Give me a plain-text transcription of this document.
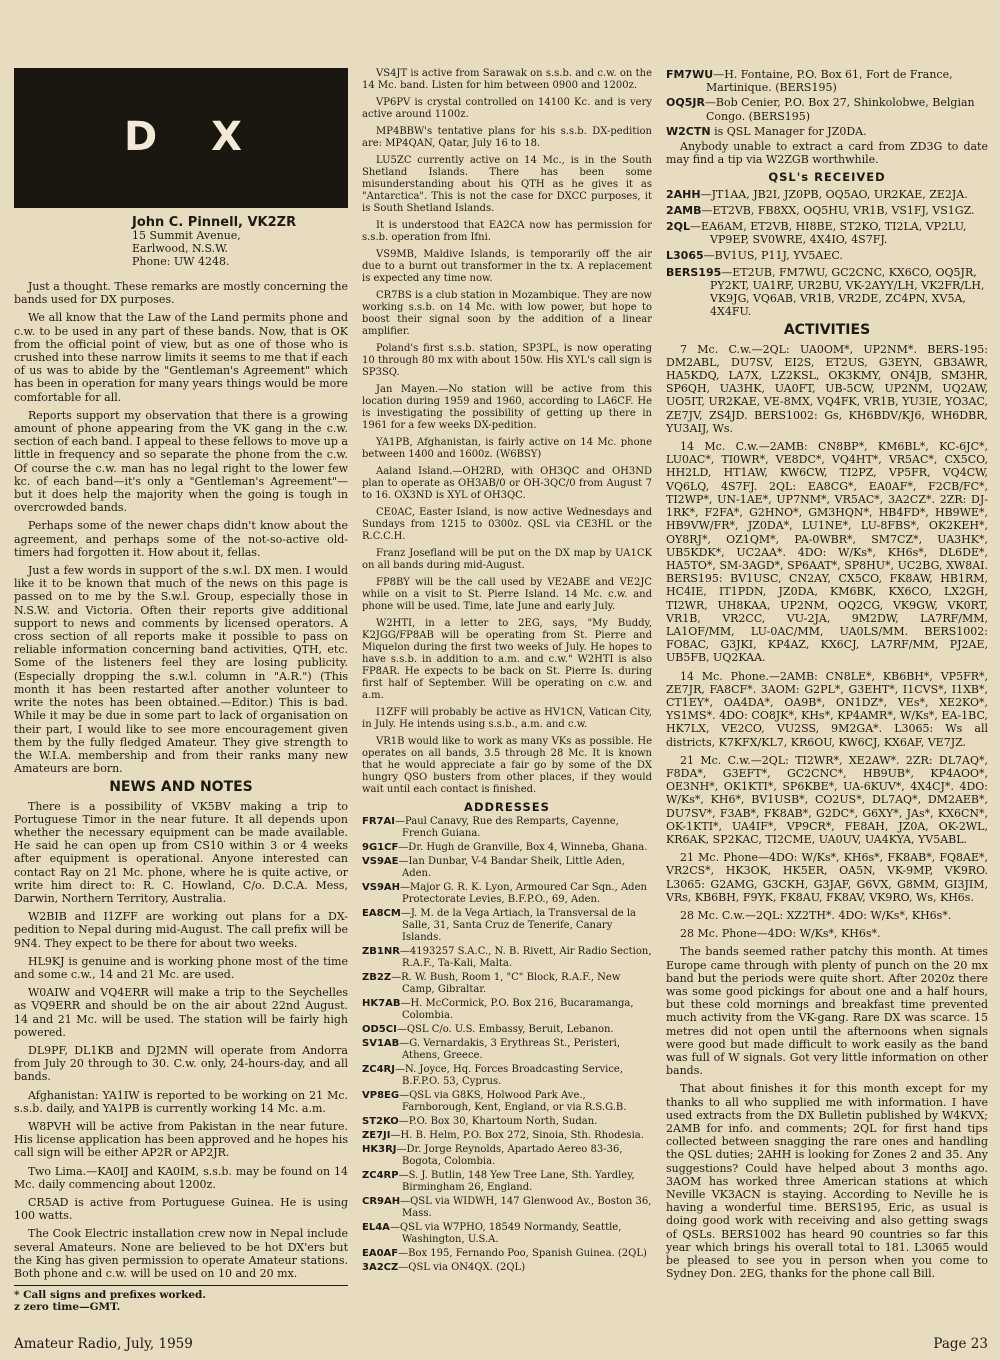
D X
John C. Pinnell, VK2ZR
15 Summit Avenue,
Earlwood, N.S.W.
Phone: UW 4248.

Just a thought. These remarks are mostly concerning the bands used for DX purposes.

We all know that the Law of the Land permits phone and c.w. to be used in any part of these bands. Now, that is OK from the official point of view, but as one of those who is crushed into these narrow limits it seems to me that if each of us was to abide by the "Gentleman's Agreement" which has been in operation for many years things would be more comfortable for all.

Reports support my observation that there is a growing amount of phone appearing from the VK gang in the c.w. section of each band. I appeal to these fellows to move up a little in frequency and so separate the phone from the c.w. Of course the c.w. man has no legal right to the lower few kc. of each band—it's only a "Gentleman's Agreement"—but it does help the majority when the going is tough in overcrowded bands.

Perhaps some of the newer chaps didn't know about the agreement, and perhaps some of the not-so-active old-timers had forgotten it. How about it, fellas.

Just a few words in support of the s.w.l. DX men. I would like it to be known that much of the news on this page is passed on to me by the S.w.l. Group, especially those in N.S.W. and Victoria. Often their reports give additional support to news and comments by licensed operators. A cross section of all reports make it possible to pass on reliable information concerning band activities, QTH, etc. Some of the listeners feel they are losing publicity. (Especially dropping the s.w.l. column in "A.R.") (This month it has been restarted after another volunteer to write the notes has been obtained.—Editor.) This is bad. While it may be due in some part to lack of organisation on their part, I would like to see more encouragement given them by the fully fledged Amateur. They give strength to the W.I.A. membership and from their ranks many new Amateurs are born.

NEWS AND NOTES

There is a possibility of VK5BV making a trip to Portuguese Timor in the near future. It all depends upon whether the necessary equipment can be made available. He said he can open up from CS10 within 3 or 4 weeks after equipment is operational. Anyone interested can contact Ray on 21 Mc. phone, where he is quite active, or write him direct to: R. C. Howland, C/o. D.C.A. Mess, Darwin, Northern Territory, Australia.

W2BIB and I1ZFF are working out plans for a DX-pedition to Nepal during mid-August. The call prefix will be 9N4. They expect to be there for about two weeks.

HL9KJ is genuine and is working phone most of the time and some c.w., 14 and 21 Mc. are used.

W0AIW and VQ4ERR will make a trip to the Seychelles as VQ9ERR and should be on the air about 22nd August. 14 and 21 Mc. will be used. The station will be fairly high powered.

DL9PF, DL1KB and DJ2MN will operate from Andorra from July 20 through to 30. C.w. only, 24-hours-day, and all bands.

Afghanistan: YA1IW is reported to be working on 21 Mc. s.s.b. daily, and YA1PB is currently working 14 Mc. a.m.

W8PVH will be active from Pakistan in the near future. His license application has been approved and he hopes his call sign will be either AP2R or AP2JR.

Two Lima.—KA0IJ and KA0IM, s.s.b. may be found on 14 Mc. daily commencing about 1200z.

CR5AD is active from Portuguese Guinea. He is using 100 watts.

The Cook Electric installation crew now in Nepal include several Amateurs. None are believed to be hot DX'ers but the King has given permission to operate Amateur stations. Both phone and c.w. will be used on 10 and 20 mx.

* Call signs and prefixes worked.
z zero time—GMT.

VS4JT is active from Sarawak on s.s.b. and c.w. on the 14 Mc. band. Listen for him between 0900 and 1200z.

VP6PV is crystal controlled on 14100 Kc. and is very active around 1100z.

MP4BBW's tentative plans for his s.s.b. DX-pedition are: MP4QAN, Qatar, July 16 to 18.

LU5ZC currently active on 14 Mc., is in the South Shetland Islands. There has been some misunderstanding about his QTH as he gives it as "Antarctica". This is not the case for DXCC purposes, it is South Shetland Islands.

It is understood that EA2CA now has permission for s.s.b. operation from Ifni.

VS9MB, Maldive Islands, is temporarily off the air due to a burnt out transformer in the tx. A replacement is expected any time now.

CR7BS is a club station in Mozambique. They are now working s.s.b. on 14 Mc. with low power, but hope to boost their signal soon by the addition of a linear amplifier.

Poland's first s.s.b. station, SP3PL, is now operating 10 through 80 mx with about 150w. His XYL's call sign is SP3SQ.

Jan Mayen.—No station will be active from this location during 1959 and 1960, according to LA6CF. He is investigating the possibility of getting up there in 1961 for a few weeks DX-pedition.

YA1PB, Afghanistan, is fairly active on 14 Mc. phone between 1400 and 1600z. (W6BSY)

Aaland Island.—OH2RD, with OH3QC and OH3ND plan to operate as OH3AB/0 or OH-3QC/0 from August 7 to 16. OX3ND is XYL of OH3QC.

CE0AC, Easter Island, is now active Wednesdays and Sundays from 1215 to 0300z. QSL via CE3HL or the R.C.C.H.

Franz Josefland will be put on the DX map by UA1CK on all bands during mid-August.

FP8BY will be the call used by VE2ABE and VE2JC while on a visit to St. Pierre Island. 14 Mc. c.w. and phone will be used. Time, late June and early July.

W2HTI, in a letter to 2EG, says, "My Buddy, K2JGG/FP8AB will be operating from St. Pierre and Miquelon during the first two weeks of July. He hopes to have s.s.b. in addition to a.m. and c.w." W2HTI is also FP8AR. He expects to be back on St. Pierre Is. during first half of September. Will be operating on c.w. and a.m.

I1ZFF will probably be active as HV1CN, Vatican City, in July. He intends using s.s.b., a.m. and c.w.

VR1B would like to work as many VKs as possible. He operates on all bands, 3.5 through 28 Mc. It is known that he would appreciate a fair go by some of the DX hungry QSO busters from other places, if they would wait until each contact is finished.

ADDRESSES

FR7AI—Paul Canavy, Rue des Remparts, Cayenne, French Guiana.

9G1CF—Dr. Hugh de Granville, Box 4, Winneba, Ghana.

VS9AE—Ian Dunbar, V-4 Bandar Sheik, Little Aden, Aden.

VS9AH—Major G. R. K. Lyon, Armoured Car Sqn., Aden Protectorate Levies, B.F.P.O., 69, Aden.

EA8CM—J. M. de la Vega Artiach, la Transversal de la Salle, 31, Santa Cruz de Tenerife, Canary Islands.

ZB1NR—4193257 S.A.C., N. B. Rivett, Air Radio Section, R.A.F., Ta-Kali, Malta.

ZB2Z—R. W. Bush, Room 1, "C" Block, R.A.F., New Camp, Gibraltar.

HK7AB—H. McCormick, P.O. Box 216, Bucaramanga, Colombia.

OD5CI—QSL C/o. U.S. Embassy, Beruit, Lebanon.

SV1AB—G. Vernardakis, 3 Erythreas St., Peristeri, Athens, Greece.

ZC4RJ—N. Joyce, Hq. Forces Broadcasting Service, B.F.P.O. 53, Cyprus.

VP8EG—QSL via G8KS, Holwood Park Ave., Farnborough, Kent, England, or via R.S.G.B.

ST2KO—P.O. Box 30, Khartoum North, Sudan.

ZE7JI—H. B. Helm, P.O. Box 272, Sinoia, Sth. Rhodesia.

HK3RJ—Dr. Jorge Reynolds, Apartado Aereo 83-36, Bogota, Colombia.

ZC4RP—S. J. Butlin, 148 Yew Tree Lane, Sth. Yardley, Birmingham 26, England.

CR9AH—QSL via WIDWH, 147 Glenwood Av., Boston 36, Mass.

EL4A—QSL via W7PHO, 18549 Normandy, Seattle, Washington, U.S.A.

EA0AF—Box 195, Fernando Poo, Spanish Guinea. (2QL)

3A2CZ—QSL via ON4QX. (2QL)

FM7WU—H. Fontaine, P.O. Box 61, Fort de France, Martinique. (BERS195)

OQ5JR—Bob Cenier, P.O. Box 27, Shinkolobwe, Belgian Congo. (BERS195)

W2CTN is QSL Manager for JZ0DA.

Anybody unable to extract a card from ZD3G to date may find a tip via W2ZGB worthwhile.

QSL's RECEIVED

2AHH—JT1AA, JB2I, JZ0PB, OQ5AO, UR2KAE, ZE2JA.

2AMB—ET2VB, FB8XX, OQ5HU, VR1B, VS1FJ, VS1GZ.

2QL—EA6AM, ET2VB, HI8BE, ST2KO, TI2LA, VP2LU, VP9EP, SV0WRE, 4X4IO, 4S7FJ.

L3065—BV1US, P11J, YV5AEC.

BERS195—ET2UB, FM7WU, GC2CNC, KX6CO, OQ5JR, PY2KT, UA1RF, UR2BU, VK-2AYY/LH, VK2FR/LH, VK9JG, VQ6AB, VR1B, VR2DE, ZC4PN, XV5A, 4X4FU.

ACTIVITIES

7 Mc. C.w.—2QL: UA0OM*, UP2NM*. BERS-195: DM2ABL, DU7SV, EI2S, ET2US, G3EYN, GB3AWR, HA5KDQ, LA7X, LZ2KSL, OK3KMY, ON4JB, SM3HR, SP6QH, UA3HK, UA0FT, UB-5CW, UP2NM, UQ2AW, UO5IT, UR2KAE, VE-8MX, VQ4FK, VR1B, YU3IE, YO3AC, ZE7JV, ZS4JD. BERS1002: Gs, KH6BDV/KJ6, WH6DBR, YU3AIJ, Ws.

14 Mc. C.w.—2AMB: CN8BP*, KM6BL*, KC-6JC*, LU0AC*, TI0WR*, VE8DC*, VQ4HT*, VR5AC*, CX5CO, HH2LD, HT1AW, KW6CW, TI2PZ, VP5FR, VQ4CW, VQ6LQ, 4S7FJ. 2QL: EA8CG*, EA0AF*, F2CB/FC*, TI2WP*, UN-1AE*, UP7NM*, VR5AC*, 3A2CZ*. 2ZR: DJ-1RK*, F2FA*, G2HNO*, GM3HQN*, HB4FD*, HB9WE*, HB9VW/FR*, JZ0DA*, LU1NE*, LU-8FBS*, OK2KEH*, OY8RJ*, OZ1QM*, PA-0WBR*, SM7CZ*, UA3HK*, UB5KDK*, UC2AA*. 4DO: W/Ks*, KH6s*, DL6DE*, HA5TO*, SM-3AGD*, SP6AAT*, SP8HU*, UC2BG, XW8AI. BERS195: BV1USC, CN2AY, CX5CO, FK8AW, HB1RM, HC4IE, IT1PDN, JZ0DA, KM6BK, KX6CO, LX2GH, TI2WR, UH8KAA, UP2NM, OQ2CG, VK9GW, VK0RT, VR1B, VR2CC, VU-2JA, 9M2DW, LA7RF/MM, LA1OF/MM, LU-0AC/MM, UA0LS/MM. BERS1002: FO8AC, G3JKI, KP4AZ, KX6CJ, LA7RF/MM, PJ2AE, UB5FB, UQ2KAA.

14 Mc. Phone.—2AMB: CN8LE*, KB6BH*, VP5FR*, ZE7JR, FA8CF*. 3AOM: G2PL*, G3EHT*, I1CVS*, I1XB*, CT1EY*, OA4DA*, OA9B*, ON1DZ*, VEs*, XE2KO*, YS1MS*. 4DO: CO8JK*, KHs*, KP4AMR*, W/Ks*, EA-1BC, HK7LX, VE2CO, VU2SS, 9M2GA*. L3065: Ws all districts, K7KFX/KL7, KR6OU, KW6CJ, KX6AF, VE7JZ.

21 Mc. C.w.—2QL: TI2WR*, XE2AW*. 2ZR: DL7AQ*, F8DA*, G3EFT*, GC2CNC*, HB9UB*, KP4AOO*, OE3NH*, OK1KTI*, SP6KBE*, UA-6KUV*, 4X4CJ*. 4DO: W/Ks*, KH6*, BV1USB*, CO2US*, DL7AQ*, DM2AEB*, DU7SV*, F3AB*, FK8AB*, G2DC*, G6XY*, JAs*, KX6CN*, OK-1KTI*, UA4IF*, VP9CR*, FE8AH, JZ0A, OK-2WL, KR6AK, SP2KAC, TI2CME, UA0UV, UA4KYA, YV5ABL.

21 Mc. Phone—4DO: W/Ks*, KH6s*, FK8AB*, FQ8AE*, VR2CS*, HK3OK, HK5ER, OA5N, VK-9MP, VK9RO. L3065: G2AMG, G3CKH, G3JAF, G6VX, G8MM, GI3JIM, VRs, KB6BH, F9YK, FK8AU, FK8AV, VK9RO, Ws, KH6s.

28 Mc. C.w.—2QL: XZ2TH*. 4DO: W/Ks*, KH6s*.

28 Mc. Phone—4DO: W/Ks*, KH6s*.

The bands seemed rather patchy this month. At times Europe came through with plenty of punch on the 20 mx band but the periods were quite short. After 2020z there was some good pickings for about one and a half hours, but these cold mornings and breakfast time prevented much activity from the VK-gang. Rare DX was scarce. 15 metres did not open until the afternoons when signals were good but made difficult to work easily as the band was full of W signals. Got very little information on other bands.

That about finishes it for this month except for my thanks to all who supplied me with information. I have used extracts from the DX Bulletin published by W4KVX; 2AMB for info. and comments; 2QL for first hand tips collected between snagging the rare ones and handling the QSL duties; 2AHH is looking for Zones 2 and 35. Any suggestions? Could have helped about 3 months ago. 3AOM has worked three American stations at which Neville VK3ACN is staying. According to Neville he is having a wonderful time. BERS195, Eric, as usual is doing good work with receiving and also getting swags of QSLs. BERS1002 has heard 90 countries so far this year which brings his overall total to 181. L3065 would be pleased to see you in person when you come to Sydney Don. 2EG, thanks for the phone call Bill.

Amateur Radio, July, 1959	Page 23
